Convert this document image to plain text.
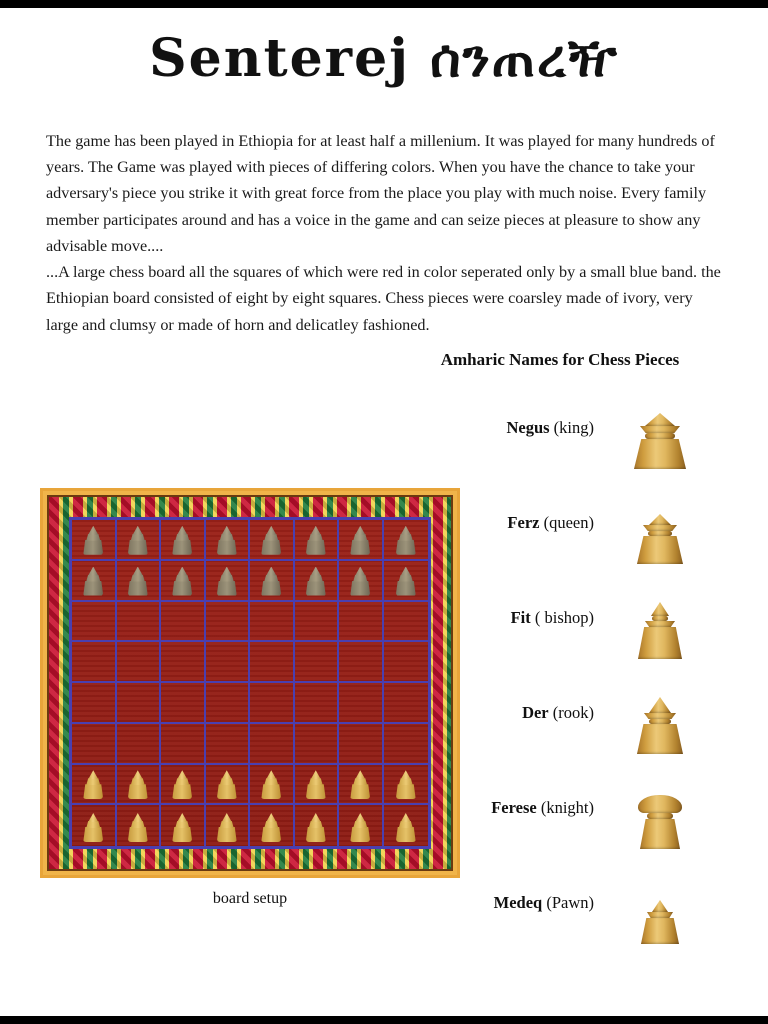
Senterej ሰንጠረዥ

The game has been played in Ethiopia for at least half a millenium. It was played for many hundreds of years. The Game was played with pieces of differing colors. When you have the chance to take your adversary's piece you strike it with great force from the place you play with much noise. Every family member participates around and has a voice in the game and can seize pieces at pleasure to show any advisable move....

...A large chess board all the squares of which were red in color seperated only by a small blue band. the Ethiopian board consisted of eight by eight squares. Chess pieces were coarsley made of ivory, very large and clumsy or made of horn and delicatley fashioned.

Amharic Names for Chess Pieces
board setup
Negus (king)
Ferz (queen)
Fit ( bishop)
Der (rook)
Ferese (knight)
Medeq (Pawn)
